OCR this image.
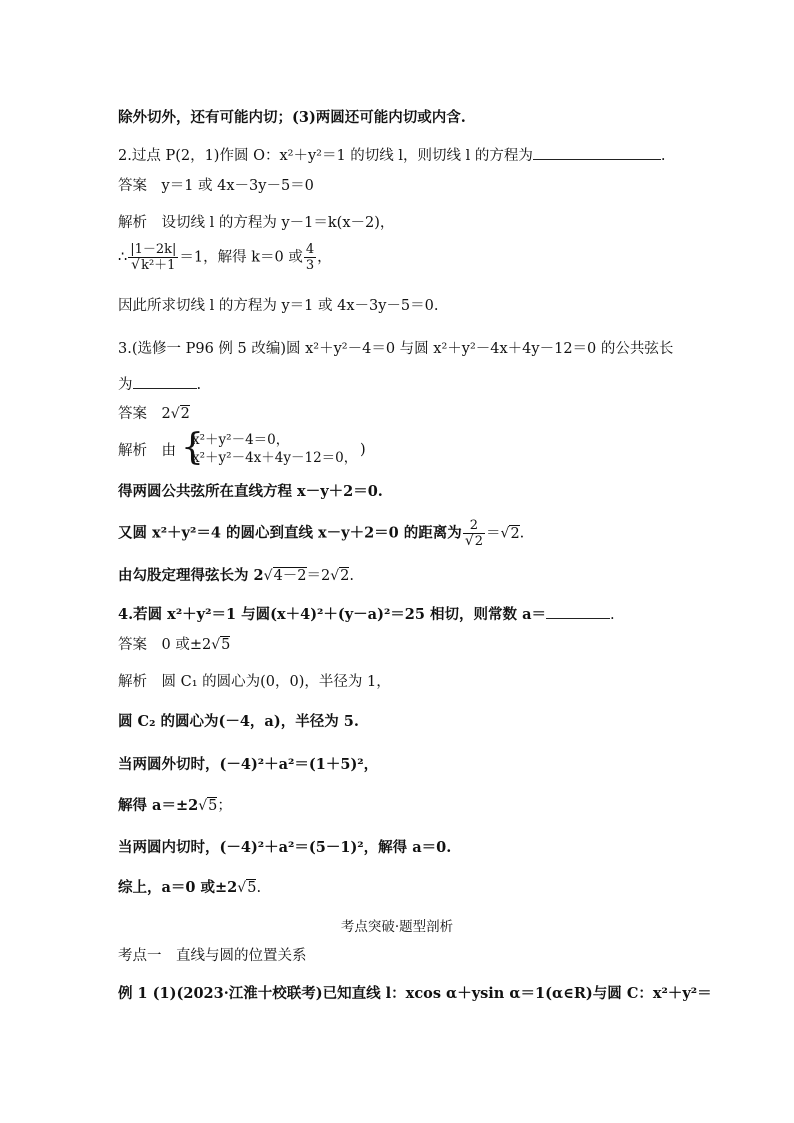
除外切外，还有可能内切；(3)两圆还可能内切或内含.
2.过点 P(2，1)作圆 O：x²＋y²＝1 的切线 l，则切线 l 的方程为	.
答案　y＝1 或 4x－3y－5＝0
解析　设切线 l 的方程为 y－1＝k(x－2)，
∴ $\frac{|1-2k|}{\text{√k²＋1}} =1$，解得 k＝0 或 $\frac{4}{3}$ ，
因此所求切线 l 的方程为 y＝1 或 4x－3y－5＝0.
3.(选修一 P96 例 5 改编)圆 x²＋y²－4＝0 与圆 x²＋y²－4x＋4y－12＝0 的公共弦长
为	.
答案　2√2
解析　由 {
x²＋y²－4＝0，
x²＋y²－4x＋4y－12＝0， )
得两圆公共弦所在直线方程 x－y＋2＝0.
又圆 x²＋y²＝4 的圆心到直线 x－y＋2＝0 的距离为 $\frac{2}{√2} =√2$.
由勾股定理得弦长为 2√4－2＝2√2.
4.若圆 x²＋y²＝1 与圆(x＋4)²＋(y－a)²＝25 相切，则常数 a＝	.
答案　0 或±2√5
解析　圆 C₁ 的圆心为(0，0)，半径为 1，
圆 C₂ 的圆心为(－4，a)，半径为 5.
当两圆外切时，(－4)²＋a²＝(1＋5)²，
解得 a＝±2√5；
当两圆内切时，(－4)²＋a²＝(5－1)²，解得 a＝0.
综上，a＝0 或±2√5.
考点突破·题型剖析
考点一　直线与圆的位置关系
例 1 (1)(2023·江淮十校联考)已知直线 l：xcos α＋ysin α＝1(α∈R)与圆 C：x²＋y²＝
